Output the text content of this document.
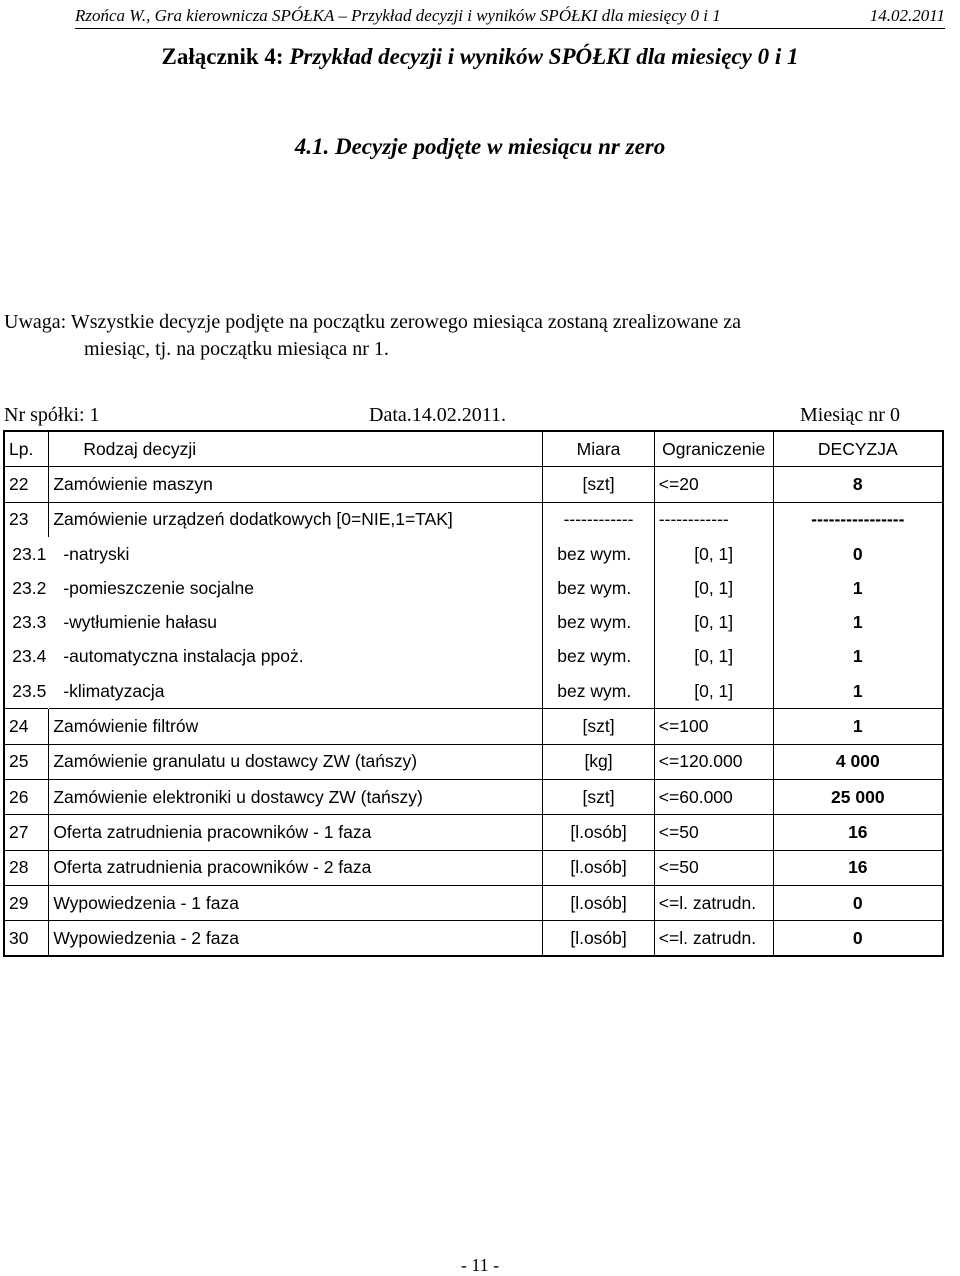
Rzońca W., Gra kierownicza SPÓŁKA – Przykład decyzji i wyników SPÓŁKI dla miesięcy 0 i 1	14.02.2011
Załącznik 4: Przykład decyzji i wyników SPÓŁKI dla miesięcy 0 i 1
4.1. Decyzje podjęte w miesiącu nr zero

Uwaga: Wszystkie decyzje podjęte na początku zerowego miesiąca zostaną zrealizowane za

miesiąc, tj. na początku miesiąca nr 1.

Nr spółki: 1	Data.14.02.2011.	Miesiąc nr 0
Lp.	Rodzaj decyzji	Miara	Ograniczenie	DECYZJA
22	Zamówienie maszyn	[szt]	<=20	8
23	Zamówienie urządzeń dodatkowych [0=NIE,1=TAK]	------------	------------	----------------
23.1	-natryski	bez wym.	[0, 1]	0
23.2	-pomieszczenie socjalne	bez wym.	[0, 1]	1
23.3	-wytłumienie hałasu	bez wym.	[0, 1]	1
23.4	-automatyczna instalacja ppoż.	bez wym.	[0, 1]	1
23.5	-klimatyzacja	bez wym.	[0, 1]	1
24	Zamówienie filtrów	[szt]	<=100	1
25	Zamówienie granulatu u dostawcy ZW (tańszy)	[kg]	<=120.000	4 000
26	Zamówienie elektroniki u dostawcy ZW (tańszy)	[szt]	<=60.000	25 000
27	Oferta zatrudnienia pracowników - 1 faza	[l.osób]	<=50	16
28	Oferta zatrudnienia pracowników - 2 faza	[l.osób]	<=50	16
29	Wypowiedzenia - 1 faza	[l.osób]	<=l. zatrudn.	0
30	Wypowiedzenia - 2 faza	[l.osób]	<=l. zatrudn.	0
- 11 -
